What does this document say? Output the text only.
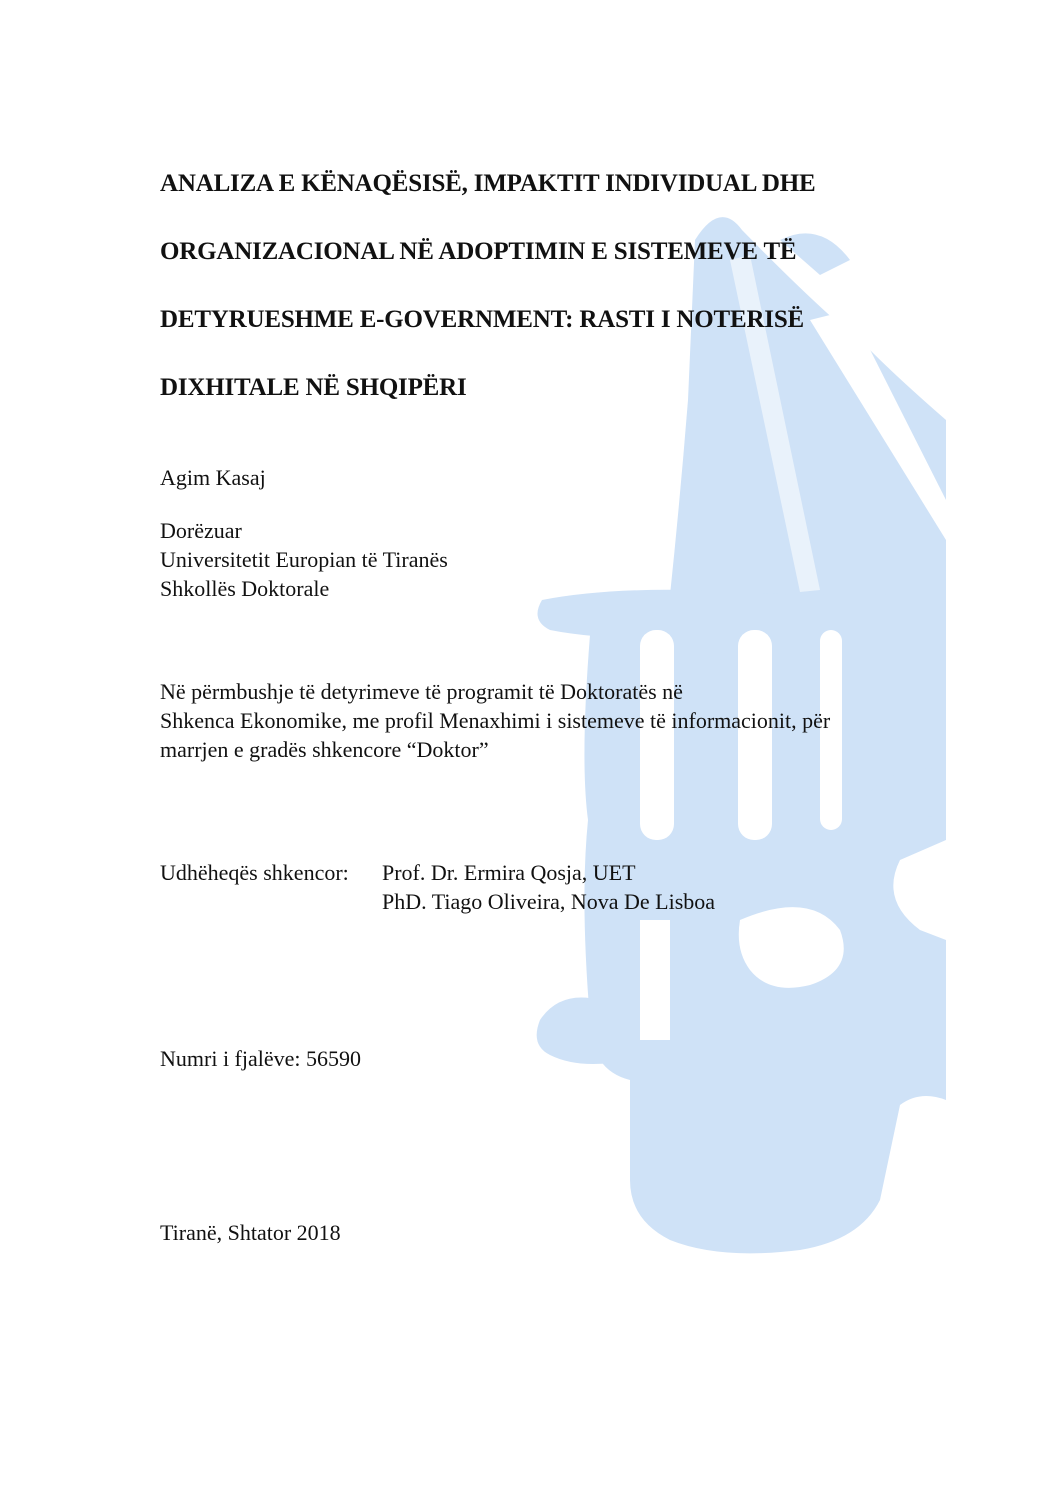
ANALIZA E KËNAQËSISË, IMPAKTIT INDIVIDUAL DHE
ORGANIZACIONAL NË ADOPTIMIN E SISTEMEVE TË
DETYRUESHME E-GOVERNMENT: RASTI I NOTERISË
DIXHITALE NË SHQIPËRI
Agim Kasaj
Dorëzuar
Universitetit Europian të Tiranës
Shkollës Doktorale
Në përmbushje të detyrimeve të programit të Doktoratës në
Shkenca Ekonomike, me profil Menaxhimi i sistemeve të informacionit, për
marrjen e gradës shkencore “Doktor”
Udhëheqës shkencor: Prof. Dr. Ermira Qosja, UET
PhD. Tiago Oliveira, Nova De Lisboa
Numri i fjalëve: 56590
Tiranë, Shtator 2018
